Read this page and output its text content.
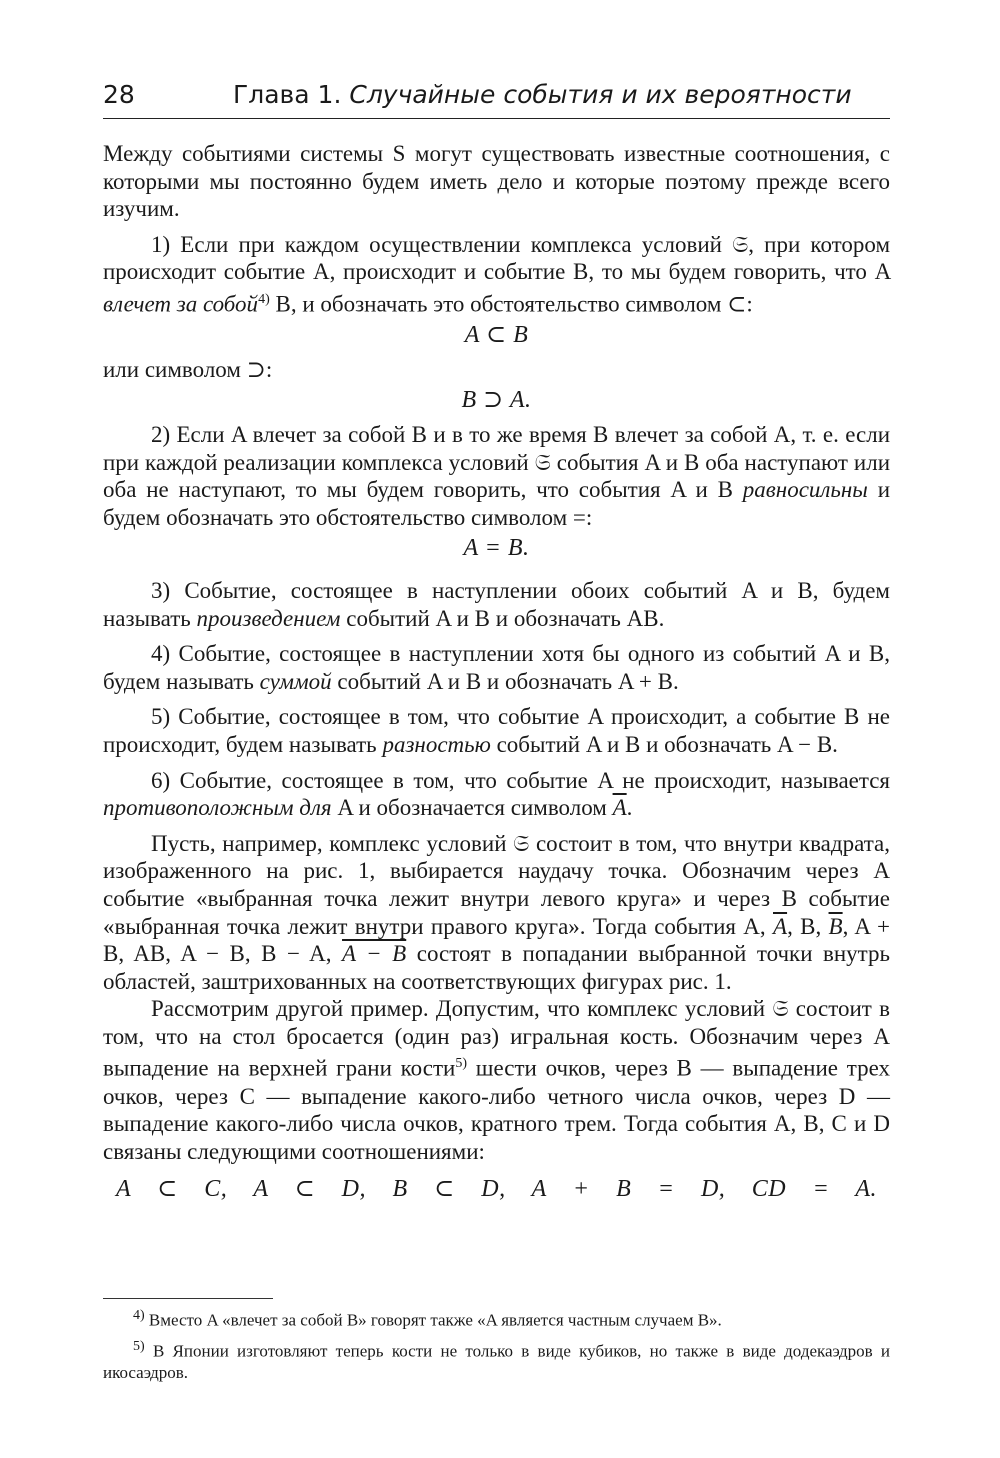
28	Глава 1. Случайные события и их вероятности

Между событиями системы S могут существовать известные соотношения, с которыми мы постоянно будем иметь дело и которые поэтому прежде всего изучим.

1) Если при каждом осуществлении комплекса условий 𝔖, при котором происходит событие A, происходит и событие B, то мы будем говорить, что A влечет за собой$^{4)}$ B, и обозначать это обстоятельство символом ⊂:

A ⊂ B

или символом ⊃:

B ⊃ A.

2) Если A влечет за собой B и в то же время B влечет за собой A, т. е. если при каждой реализации комплекса условий 𝔖 события A и B оба наступают или оба не наступают, то мы будем говорить, что события A и B равносильны и будем обозначать это обстоятельство символом =:

A = B.

3) Событие, состоящее в наступлении обоих событий A и B, будем называть произведением событий A и B и обозначать AB.

4) Событие, состоящее в наступлении хотя бы одного из событий A и B, будем называть суммой событий A и B и обозначать A + B.

5) Событие, состоящее в том, что событие A происходит, а событие B не происходит, будем называть разностью событий A и B и обозначать A − B.

6) Событие, состоящее в том, что событие A не происходит, называется противоположным для A и обозначается символом $\overline{A}$.

Пусть, например, комплекс условий 𝔖 состоит в том, что внутри квадрата, изображенного на рис. 1, выбирается наудачу точка. Обозначим через A событие «выбранная точка лежит внутри левого круга» и через B событие «выбранная точка лежит внутри правого круга». Тогда события A, $\overline{A}$, B, $\overline{B}$, A + B, AB, A − B, B − A, A − B состоят в попадании выбранной точки внутрь областей, заштрихованных на соответствующих фигурах рис. 1.

Рассмотрим другой пример. Допустим, что комплекс условий 𝔖 состоит в том, что на стол бросается (один раз) игральная кость. Обозначим через A выпадение на верхней грани кости$^{5)}$ шести очков, через B — выпадение трех очков, через C — выпадение какого-либо четного числа очков, через D — выпадение какого-либо числа очков, кратного трем. Тогда события A, B, C и D связаны следующими соотношениями:

A ⊂ C, A ⊂ D, B ⊂ D, A + B = D, CD = A.

$^{4)}$ Вместо A «влечет за собой B» говорят также «A является частным случаем B».

$^{5)}$ В Японии изготовляют теперь кости не только в виде кубиков, но также в виде додекаэдров и икосаэдров.
